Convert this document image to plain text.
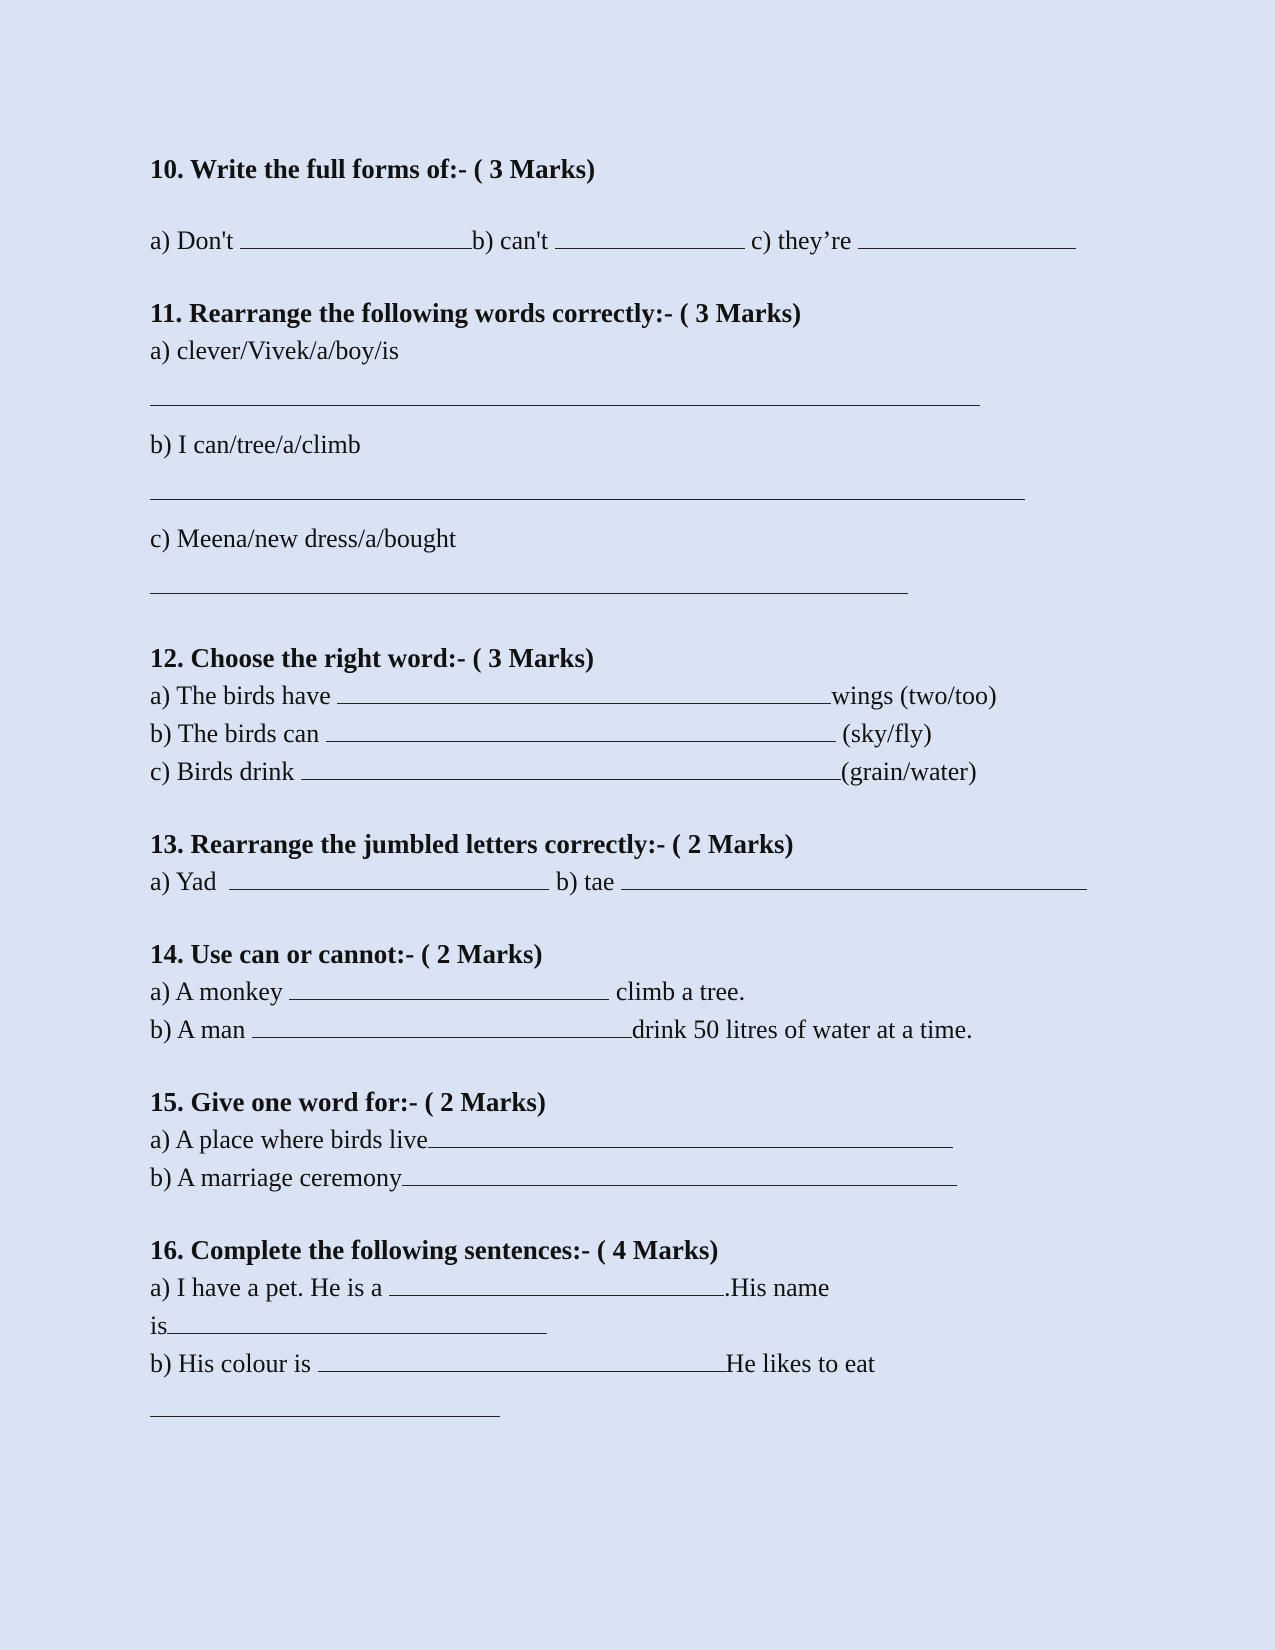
10. Write the full forms of:- ( 3 Marks)
a) Don't	b) can't	c) they’re
11. Rearrange the following words correctly:- ( 3 Marks)
a) clever/Vivek/a/boy/is
b) I can/tree/a/climb
c) Meena/new dress/a/bought
12. Choose the right word:- ( 3 Marks)
a) The birds have	wings (two/too)
b) The birds can	(sky/fly)
c) Birds drink	(grain/water)
13. Rearrange the jumbled letters correctly:- ( 2 Marks)
a) Yad	b) tae
14. Use can or cannot:- ( 2 Marks)
a) A monkey	climb a tree.
b) A man	drink 50 litres of water at a time.
15. Give one word for:- ( 2 Marks)
a) A place where birds live
b) A marriage ceremony
16. Complete the following sentences:- ( 4 Marks)
a) I have a pet. He is a	.His name
is
b) His colour is	He likes to eat
